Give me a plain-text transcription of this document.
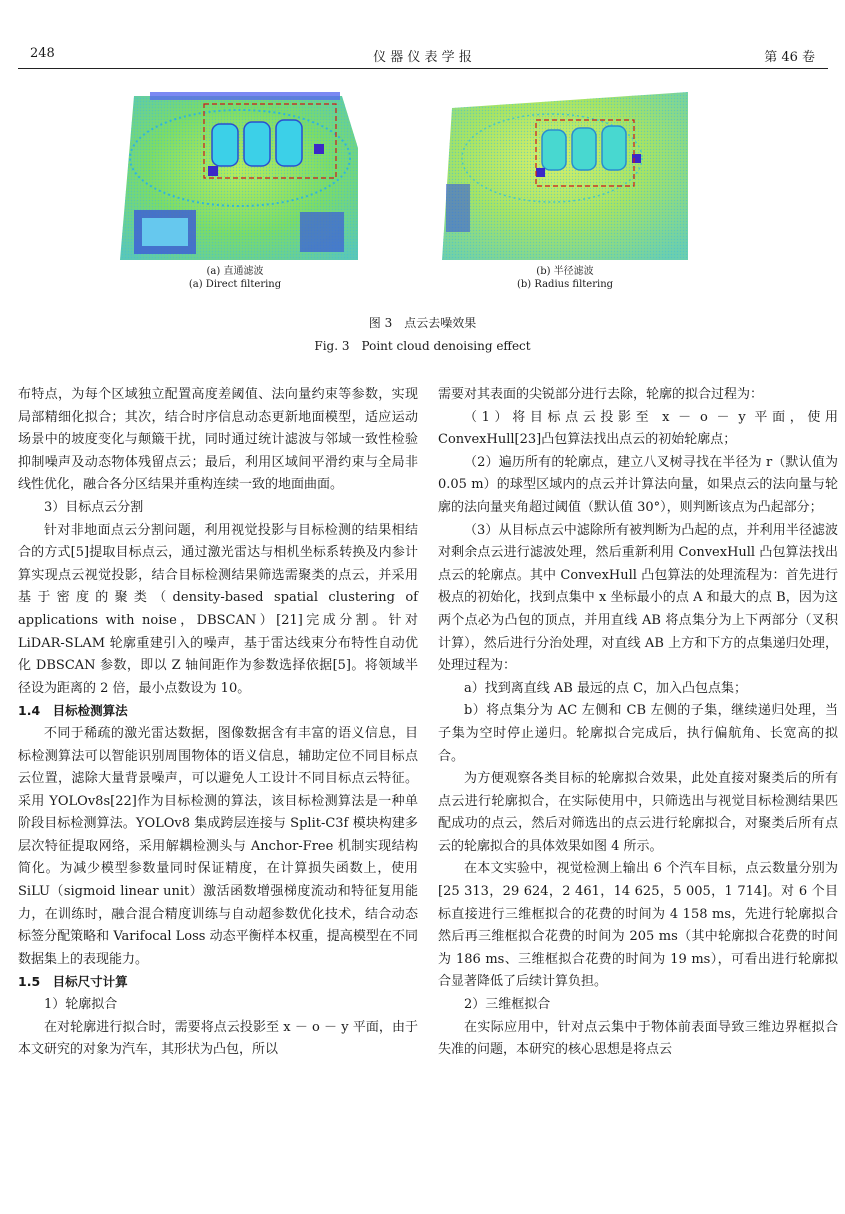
248	仪 器 仪 表 学 报	第 46 卷
(a) 直通滤波
(a) Direct filtering
(b) 半径滤波
(b) Radius filtering
图 3　点云去噪效果
Fig. 3　Point cloud denoising effect

布特点，为每个区域独立配置高度差阈值、法向量约束等参数，实现局部精细化拟合；其次，结合时序信息动态更新地面模型，适应运动场景中的坡度变化与颠簸干扰，同时通过统计滤波与邻域一致性检验抑制噪声及动态物体残留点云；最后，利用区域间平滑约束与全局非线性优化，融合各分区结果并重构连续一致的地面曲面。

3）目标点云分割

针对非地面点云分割问题，利用视觉投影与目标检测的结果相结合的方式[5]提取目标点云，通过激光雷达与相机坐标系转换及内参计算实现点云视觉投影，结合目标检测结果筛选需聚类的点云，并采用基于密度的聚类（density-based spatial clustering of applications with noise，DBSCAN）[21]完成分割。针对 LiDAR-SLAM 轮廓重建引入的噪声，基于雷达线束分布特性自动优化 DBSCAN 参数，即以 Z 轴间距作为参数选择依据[5]。将领域半径设为距离的 2 倍，最小点数设为 10。

1.4　目标检测算法

不同于稀疏的激光雷达数据，图像数据含有丰富的语义信息，目标检测算法可以智能识别周围物体的语义信息，辅助定位不同目标点云位置，滤除大量背景噪声，可以避免人工设计不同目标点云特征。采用 YOLOv8s[22]作为目标检测的算法，该目标检测算法是一种单阶段目标检测算法。YOLOv8 集成跨层连接与 Split-C3f 模块构建多层次特征提取网络，采用解耦检测头与 Anchor-Free 机制实现结构简化。为减少模型参数量同时保证精度，在计算损失函数上，使用 SiLU（sigmoid linear unit）激活函数增强梯度流动和特征复用能力，在训练时，融合混合精度训练与自动超参数优化技术，结合动态标签分配策略和 Varifocal Loss 动态平衡样本权重，提高模型在不同数据集上的表现能力。

1.5　目标尺寸计算

1）轮廓拟合

在对轮廓进行拟合时，需要将点云投影至 x － o － y 平面，由于本文研究的对象为汽车，其形状为凸包，所以

需要对其表面的尖锐部分进行去除，轮廓的拟合过程为：

（1）将目标点云投影至 x － o － y 平面，使用 ConvexHull[23]凸包算法找出点云的初始轮廓点；

（2）遍历所有的轮廓点，建立八叉树寻找在半径为 r（默认值为 0.05 m）的球型区域内的点云并计算法向量，如果点云的法向量与轮廓的法向量夹角超过阈值（默认值 30°），则判断该点为凸起部分；

（3）从目标点云中滤除所有被判断为凸起的点，并利用半径滤波对剩余点云进行滤波处理，然后重新利用 ConvexHull 凸包算法找出点云的轮廓点。其中 ConvexHull 凸包算法的处理流程为：首先进行极点的初始化，找到点集中 x 坐标最小的点 A 和最大的点 B，因为这两个点必为凸包的顶点，并用直线 AB 将点集分为上下两部分（叉积计算），然后进行分治处理，对直线 AB 上方和下方的点集递归处理，处理过程为：

a）找到离直线 AB 最远的点 C，加入凸包点集；

b）将点集分为 AC 左侧和 CB 左侧的子集，继续递归处理，当子集为空时停止递归。轮廓拟合完成后，执行偏航角、长宽高的拟合。

为方便观察各类目标的轮廓拟合效果，此处直接对聚类后的所有点云进行轮廓拟合，在实际使用中，只筛选出与视觉目标检测结果匹配成功的点云，然后对筛选出的点云进行轮廓拟合，对聚类后所有点云的轮廓拟合的具体效果如图 4 所示。

在本文实验中，视觉检测上输出 6 个汽车目标，点云数量分别为[25 313，29 624，2 461，14 625，5 005，1 714]。对 6 个目标直接进行三维框拟合的花费的时间为 4 158 ms，先进行轮廓拟合然后再三维框拟合花费的时间为 205 ms（其中轮廓拟合花费的时间为 186 ms、三维框拟合花费的时间为 19 ms），可看出进行轮廓拟合显著降低了后续计算负担。

2）三维框拟合

在实际应用中，针对点云集中于物体前表面导致三维边界框拟合失准的问题，本研究的核心思想是将点云
